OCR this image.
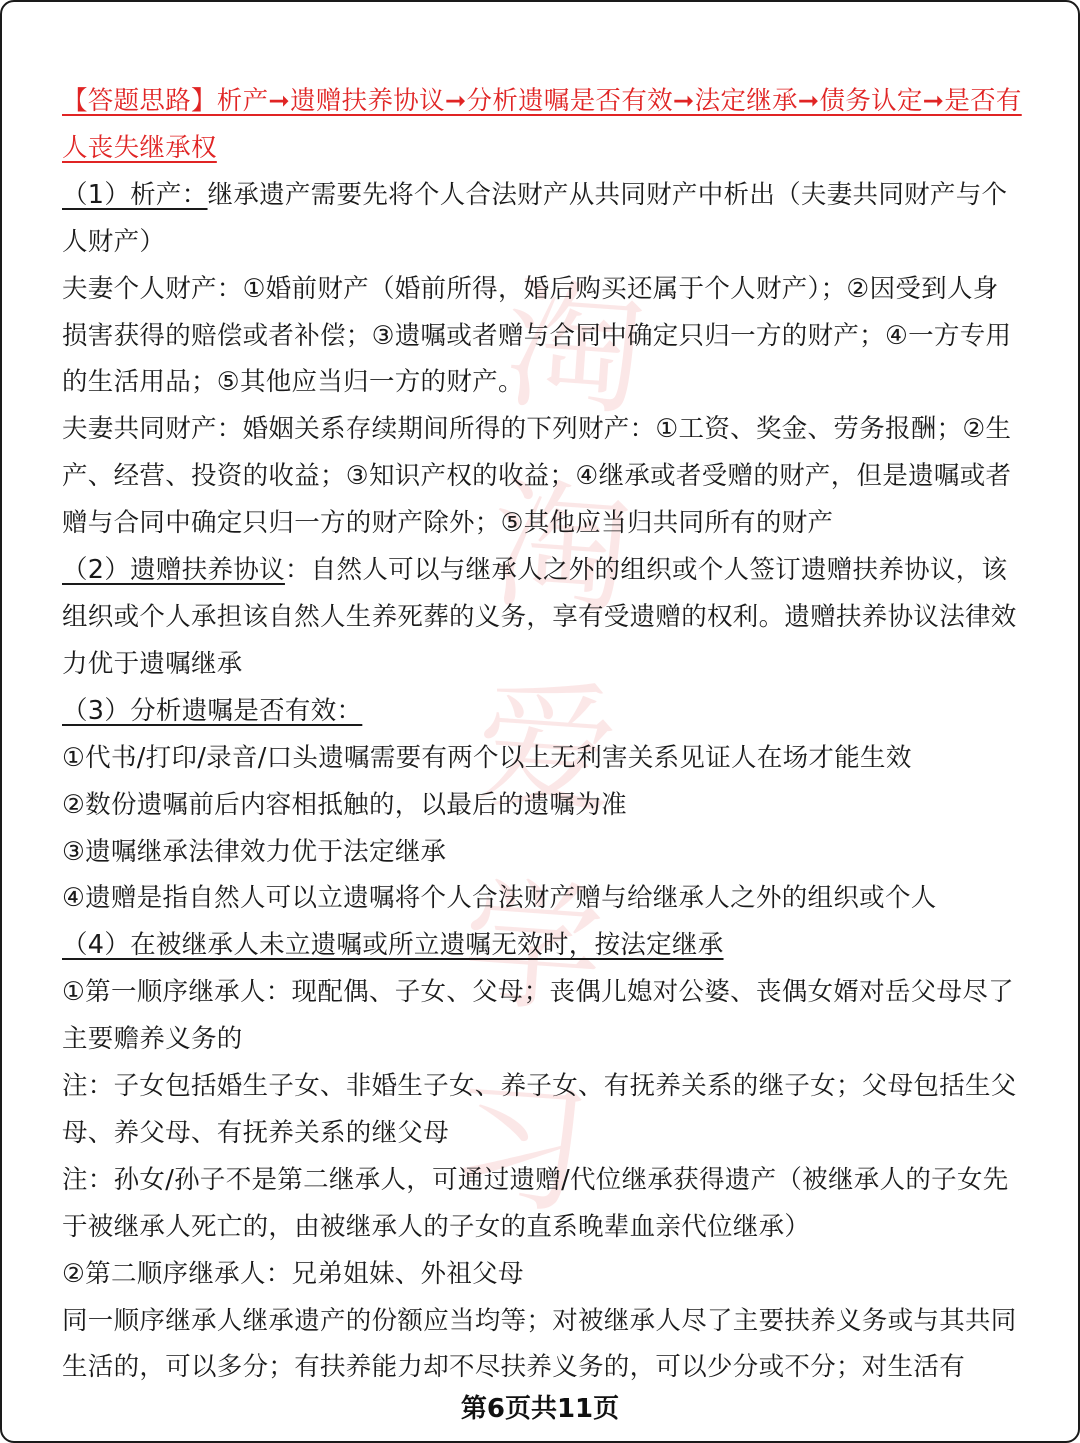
淘
淘
爱
学
习

【答题思路】析产➞遗赠扶养协议➞分析遗嘱是否有效➞法定继承➞债务认定➞是否有人丧失继承权

（1）析产：继承遗产需要先将个人合法财产从共同财产中析出（夫妻共同财产与个人财产）

夫妻个人财产：①婚前财产（婚前所得，婚后购买还属于个人财产）；②因受到人身损害获得的赔偿或者补偿；③遗嘱或者赠与合同中确定只归一方的财产；④一方专用的生活用品；⑤其他应当归一方的财产。

夫妻共同财产：婚姻关系存续期间所得的下列财产：①工资、奖金、劳务报酬；②生产、经营、投资的收益；③知识产权的收益；④继承或者受赠的财产，但是遗嘱或者赠与合同中确定只归一方的财产除外；⑤其他应当归共同所有的财产

（2）遗赠扶养协议：自然人可以与继承人之外的组织或个人签订遗赠扶养协议，该组织或个人承担该自然人生养死葬的义务，享有受遗赠的权利。遗赠扶养协议法律效力优于遗嘱继承

（3）分析遗嘱是否有效：

①代书/打印/录音/口头遗嘱需要有两个以上无利害关系见证人在场才能生效

②数份遗嘱前后内容相抵触的，以最后的遗嘱为准

③遗嘱继承法律效力优于法定继承

④遗赠是指自然人可以立遗嘱将个人合法财产赠与给继承人之外的组织或个人

（4）在被继承人未立遗嘱或所立遗嘱无效时，按法定继承

①第一顺序继承人：现配偶、子女、父母；丧偶儿媳对公婆、丧偶女婿对岳父母尽了主要赡养义务的

注：子女包括婚生子女、非婚生子女、养子女、有抚养关系的继子女；父母包括生父母、养父母、有抚养关系的继父母

注：孙女/孙子不是第二继承人，可通过遗赠/代位继承获得遗产（被继承人的子女先于被继承人死亡的，由被继承人的子女的直系晚辈血亲代位继承）

②第二顺序继承人：兄弟姐妹、外祖父母

同一顺序继承人继承遗产的份额应当均等；对被继承人尽了主要扶养义务或与其共同生活的，可以多分；有扶养能力却不尽扶养义务的，可以少分或不分；对生活有

第6页共11页
